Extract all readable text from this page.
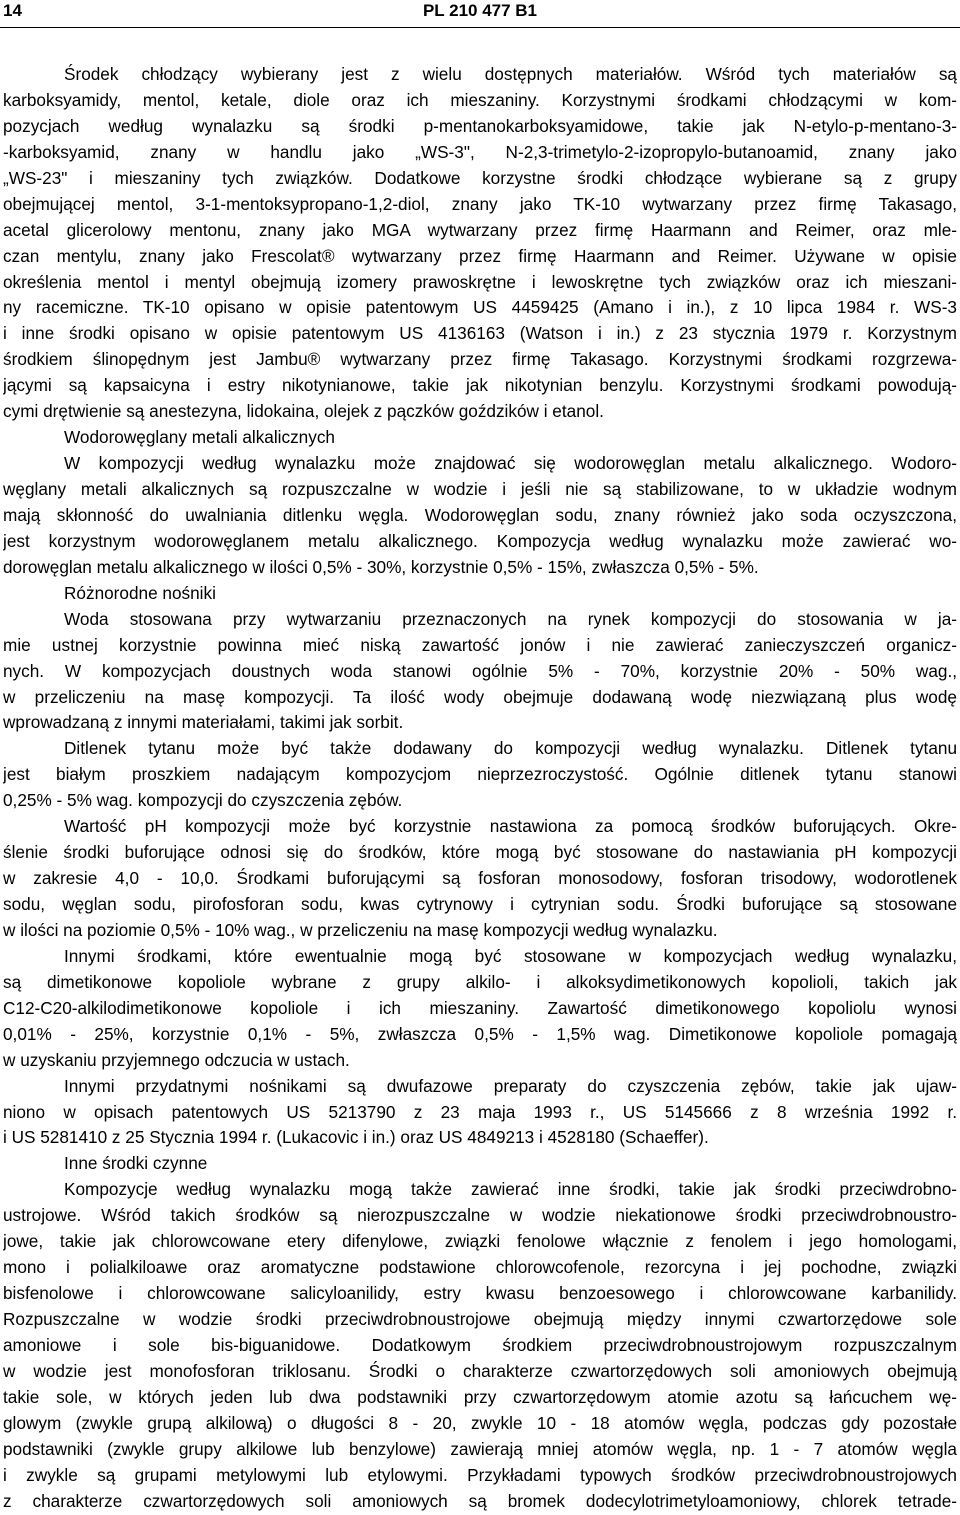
14	PL 210 477 B1
Środek chłodzący wybierany jest z wielu dostępnych materiałów. Wśród tych materiałów są
karboksyamidy, mentol, ketale, diole oraz ich mieszaniny. Korzystnymi środkami chłodzącymi w kom-
pozycjach według wynalazku są środki p-mentanokarboksyamidowe, takie jak N-etylo-p-mentano-3-
-karboksyamid, znany w handlu jako „WS-3", N-2,3-trimetylo-2-izopropylo-butanoamid, znany jako
„WS-23" i mieszaniny tych związków. Dodatkowe korzystne środki chłodzące wybierane są z grupy
obejmującej mentol, 3-1-mentoksypropano-1,2-diol, znany jako TK-10 wytwarzany przez firmę Takasago,
acetal glicerolowy mentonu, znany jako MGA wytwarzany przez firmę Haarmann and Reimer, oraz mle-
czan mentylu, znany jako Frescolat® wytwarzany przez firmę Haarmann and Reimer. Używane w opisie
określenia mentol i mentyl obejmują izomery prawoskrętne i lewoskrętne tych związków oraz ich mieszani-
ny racemiczne. TK-10 opisano w opisie patentowym US 4459425 (Amano i in.), z 10 lipca 1984 r. WS-3
i inne środki opisano w opisie patentowym US 4136163 (Watson i in.) z 23 stycznia 1979 r. Korzystnym
środkiem ślinopędnym jest Jambu® wytwarzany przez firmę Takasago. Korzystnymi środkami rozgrzewa-
jącymi są kapsaicyna i estry nikotynianowe, takie jak nikotynian benzylu. Korzystnymi środkami powodują-
cymi drętwienie są anestezyna, lidokaina, olejek z pączków goździków i etanol.
Wodorowęglany metali alkalicznych
W kompozycji według wynalazku może znajdować się wodorowęglan metalu alkalicznego. Wodoro-
węglany metali alkalicznych są rozpuszczalne w wodzie i jeśli nie są stabilizowane, to w układzie wodnym
mają skłonność do uwalniania ditlenku węgla. Wodorowęglan sodu, znany również jako soda oczyszczona,
jest korzystnym wodorowęglanem metalu alkalicznego. Kompozycja według wynalazku może zawierać wo-
dorowęglan metalu alkalicznego w ilości 0,5% - 30%, korzystnie 0,5% - 15%, zwłaszcza 0,5% - 5%.
Różnorodne nośniki
Woda stosowana przy wytwarzaniu przeznaczonych na rynek kompozycji do stosowania w ja-
mie ustnej korzystnie powinna mieć niską zawartość jonów i nie zawierać zanieczyszczeń organicz-
nych. W kompozycjach doustnych woda stanowi ogólnie 5% - 70%, korzystnie 20% - 50% wag.,
w przeliczeniu na masę kompozycji. Ta ilość wody obejmuje dodawaną wodę niezwiązaną plus wodę
wprowadzaną z innymi materiałami, takimi jak sorbit.
Ditlenek tytanu może być także dodawany do kompozycji według wynalazku. Ditlenek tytanu
jest białym proszkiem nadającym kompozycjom nieprzezroczystość. Ogólnie ditlenek tytanu stanowi
0,25% - 5% wag. kompozycji do czyszczenia zębów.
Wartość pH kompozycji może być korzystnie nastawiona za pomocą środków buforujących. Okre-
ślenie środki buforujące odnosi się do środków, które mogą być stosowane do nastawiania pH kompozycji
w zakresie 4,0 - 10,0. Środkami buforującymi są fosforan monosodowy, fosforan trisodowy, wodorotlenek
sodu, węglan sodu, pirofosforan sodu, kwas cytrynowy i cytrynian sodu. Środki buforujące są stosowane
w ilości na poziomie 0,5% - 10% wag., w przeliczeniu na masę kompozycji według wynalazku.
Innymi środkami, które ewentualnie mogą być stosowane w kompozycjach według wynalazku,
są dimetikonowe kopoliole wybrane z grupy alkilo- i alkoksydimetikonowych kopolioli, takich jak
C12-C20-alkilodimetikonowe kopoliole i ich mieszaniny. Zawartość dimetikonowego kopoliolu wynosi
0,01% - 25%, korzystnie 0,1% - 5%, zwłaszcza 0,5% - 1,5% wag. Dimetikonowe kopoliole pomagają
w uzyskaniu przyjemnego odczucia w ustach.
Innymi przydatnymi nośnikami są dwufazowe preparaty do czyszczenia zębów, takie jak ujaw-
niono w opisach patentowych US 5213790 z 23 maja 1993 r., US 5145666 z 8 września 1992 r.
i US 5281410 z 25 Stycznia 1994 r. (Lukacovic i in.) oraz US 4849213 i 4528180 (Schaeffer).
Inne środki czynne
Kompozycje według wynalazku mogą także zawierać inne środki, takie jak środki przeciwdrobno-
ustrojowe. Wśród takich środków są nierozpuszczalne w wodzie niekationowe środki przeciwdrobnoustro-
jowe, takie jak chlorowcowane etery difenylowe, związki fenolowe włącznie z fenolem i jego homologami,
mono i polialkiloawe oraz aromatyczne podstawione chlorowcofenole, rezorcyna i jej pochodne, związki
bisfenolowe i chlorowcowane salicyloanilidy, estry kwasu benzoesowego i chlorowcowane karbanilidy.
Rozpuszczalne w wodzie środki przeciwdrobnoustrojowe obejmują między innymi czwartorzędowe sole
amoniowe i sole bis-biguanidowe. Dodatkowym środkiem przeciwdrobnoustrojowym rozpuszczalnym
w wodzie jest monofosforan triklosanu. Środki o charakterze czwartorzędowych soli amoniowych obejmują
takie sole, w których jeden lub dwa podstawniki przy czwartorzędowym atomie azotu są łańcuchem wę-
glowym (zwykle grupą alkilową) o długości 8 - 20, zwykle 10 - 18 atomów węgla, podczas gdy pozostałe
podstawniki (zwykle grupy alkilowe lub benzylowe) zawierają mniej atomów węgla, np. 1 - 7 atomów węgla
i zwykle są grupami metylowymi lub etylowymi. Przykładami typowych środków przeciwdrobnoustrojowych
z charakterze czwartorzędowych soli amoniowych są bromek dodecylotrimetyloamoniowy, chlorek tetrade-
